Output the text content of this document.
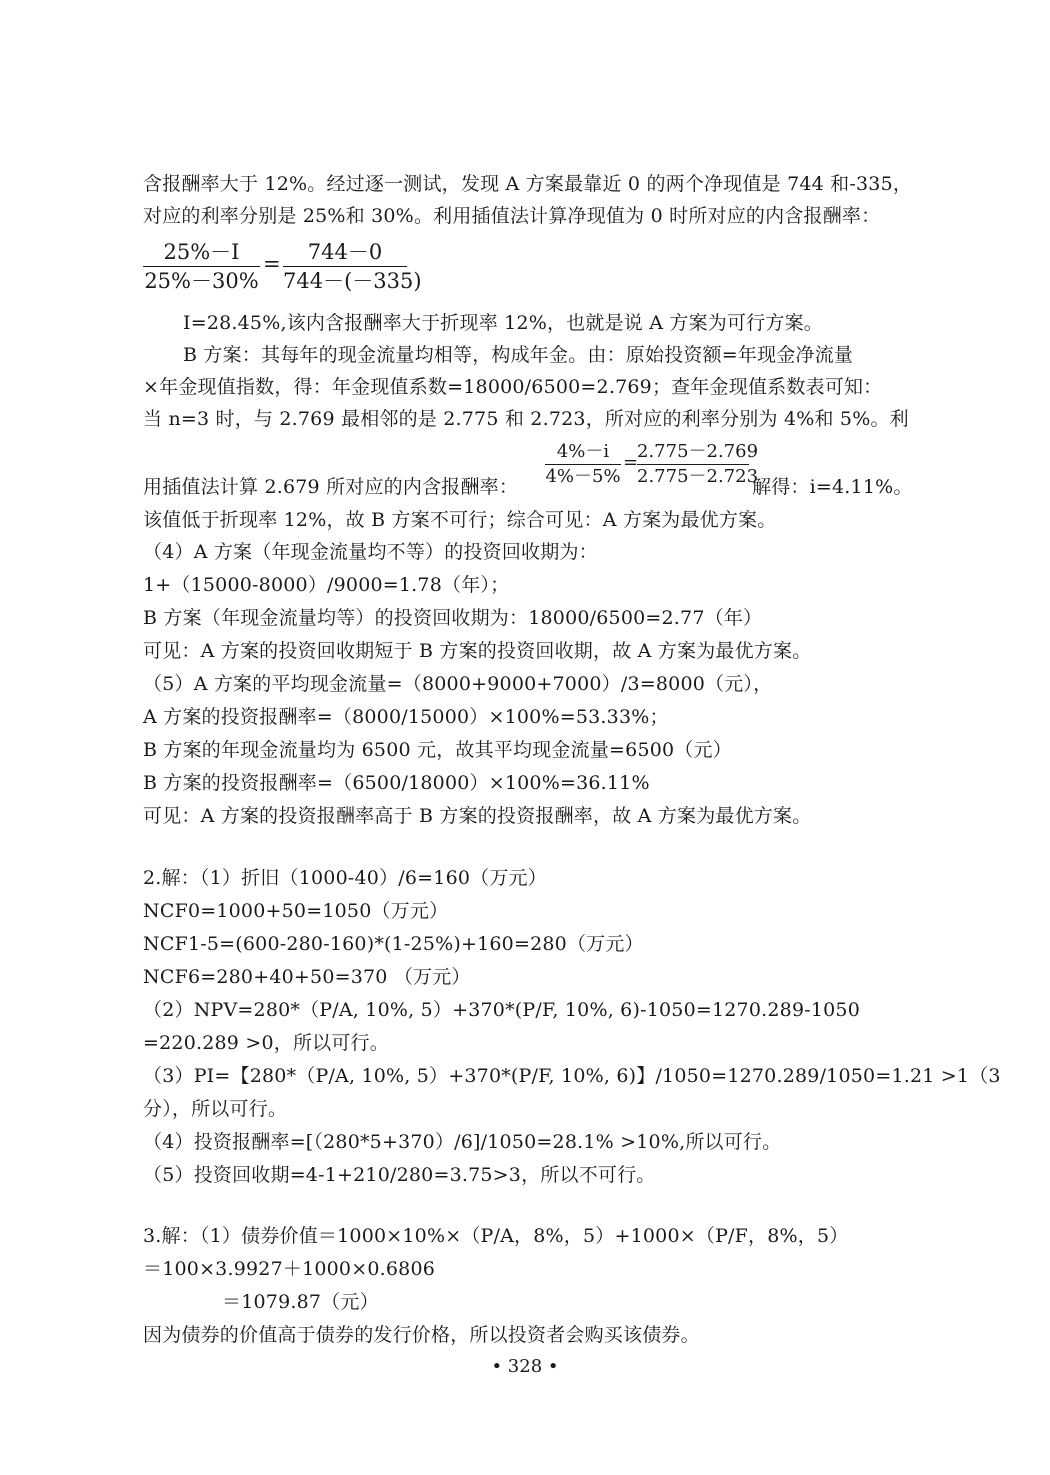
含报酬率大于 12%。经过逐一测试，发现 A 方案最靠近 0 的两个净现值是 744 和-335，
对应的利率分别是 25%和 30%。利用插值法计算净现值为 0 时所对应的内含报酬率：
25%－I
25%－30%
=	744－0
744－(－335)
I=28.45%,该内含报酬率大于折现率 12%，也就是说 A 方案为可行方案。
B 方案：其每年的现金流量均相等，构成年金。由：原始投资额=年现金净流量
×年金现值指数，得：年金现值系数=18000/6500=2.769；查年金现值系数表可知：
当 n=3 时，与 2.769 最相邻的是 2.775 和 2.723，所对应的利率分别为 4%和 5%。利
4%－i
4%－5%
=
2.775－2.769
2.775－2.723
用插值法计算 2.679 所对应的内含报酬率：	解得：i=4.11%。
该值低于折现率 12%，故 B 方案不可行；综合可见：A 方案为最优方案。
（4）A 方案（年现金流量均不等）的投资回收期为：
1+（15000-8000）/9000=1.78（年）；
B 方案（年现金流量均等）的投资回收期为：18000/6500=2.77（年）
可见：A 方案的投资回收期短于 B 方案的投资回收期，故 A 方案为最优方案。
（5）A 方案的平均现金流量=（8000+9000+7000）/3=8000（元），
A 方案的投资报酬率=（8000/15000）×100%=53.33%；
B 方案的年现金流量均为 6500 元，故其平均现金流量=6500（元）
B 方案的投资报酬率=（6500/18000）×100%=36.11%
可见：A 方案的投资报酬率高于 B 方案的投资报酬率，故 A 方案为最优方案。
2.解：（1）折旧（1000-40）/6=160（万元）
NCF0=1000+50=1050（万元）
NCF1-5=(600-280-160)*(1-25%)+160=280（万元）
NCF6=280+40+50=370 （万元）
（2）NPV=280*（P/A, 10%, 5）+370*(P/F, 10%, 6)-1050=1270.289-1050
=220.289 >0，所以可行。
（3）PI=【280*（P/A, 10%, 5）+370*(P/F, 10%, 6)】/1050=1270.289/1050=1.21 >1（3
分），所以可行。
（4）投资报酬率=[（280*5+370）/6]/1050=28.1% >10%,所以可行。
（5）投资回收期=4-1+210/280=3.75>3，所以不可行。
3.解：（1）债券价值＝1000×10%×（P/A，8%，5）+1000×（P/F，8%，5）
＝100×3.9927＋1000×0.6806
＝1079.87（元）
因为债券的价值高于债券的发行价格，所以投资者会购买该债券。
• 328 •
